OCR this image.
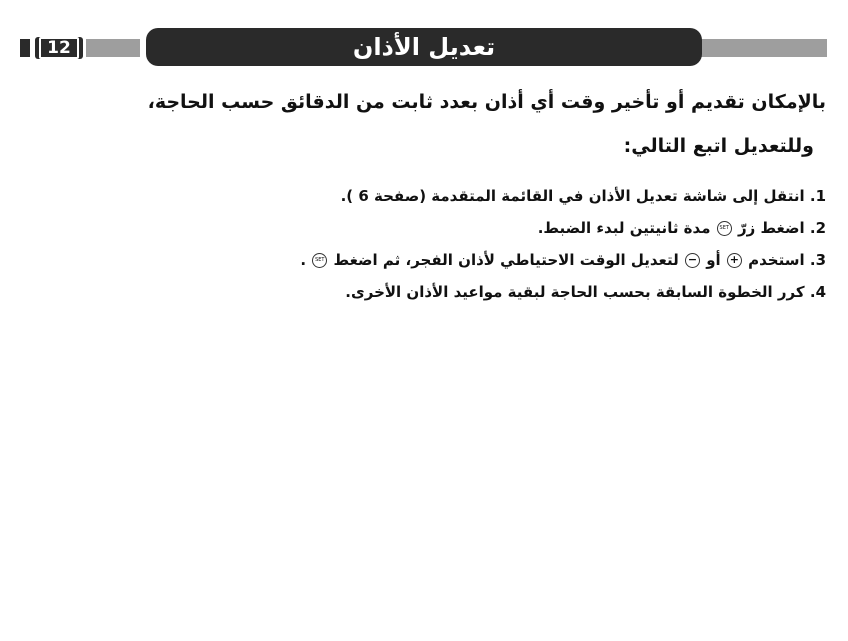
12	تعديل الأذان
بالإمكان تقديم أو تأخير وقت أي أذان بعدد ثابت من الدقائق حسب الحاجة،
وللتعديل اتبع التالي:
1. انتقل إلى شاشة تعديل الأذان في القائمة المتقدمة (صفحة 6 ).
2. اضغط زرّ SET مدة ثانيتين لبدء الضبط.
3. استخدم + أو − لتعديل الوقت الاحتياطي لأذان الفجر، ثم اضغط SET .
4. كرر الخطوة السابقة بحسب الحاجة لبقية مواعيد الأذان الأخرى.
